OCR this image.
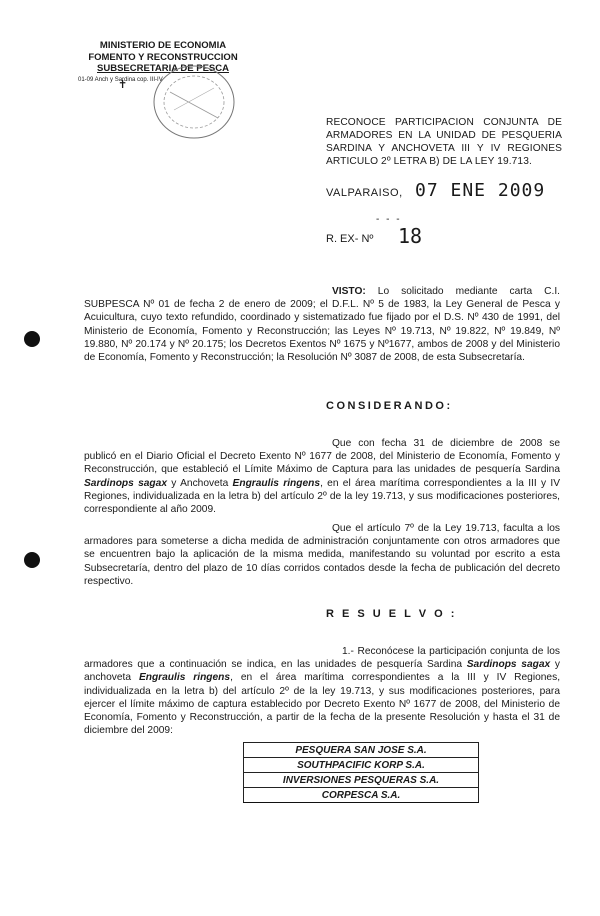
MINISTERIO DE ECONOMIA
FOMENTO Y RECONSTRUCCION
SUBSECRETARIA DE PESCA
01-09 Anch y Sardina cop. III-IV
✝
RECONOCE PARTICIPACION CONJUNTA DE ARMADORES EN LA UNIDAD DE PESQUERIA SARDINA Y ANCHOVETA III Y IV REGIONES ARTICULO 2º LETRA B) DE LA LEY 19.713.
VALPARAISO, 07 ENE 2009
- - -
R. EX- Nº 18
VISTO: Lo solicitado mediante carta C.I. SUBPESCA Nº 01 de fecha 2 de enero de 2009; el D.F.L. Nº 5 de 1983, la Ley General de Pesca y Acuicultura, cuyo texto refundido, coordinado y sistematizado fue fijado por el D.S. Nº 430 de 1991, del Ministerio de Economía, Fomento y Reconstrucción; las Leyes Nº 19.713, Nº 19.822, Nº 19.849, Nº 19.880, Nº 20.174 y Nº 20.175; los Decretos Exentos Nº 1675 y Nº1677, ambos de 2008 y del Ministerio de Economía, Fomento y Reconstrucción; la Resolución Nº 3087 de 2008, de esta Subsecretaría.
CONSIDERANDO:
Que con fecha 31 de diciembre de 2008 se publicó en el Diario Oficial el Decreto Exento Nº 1677 de 2008, del Ministerio de Economía, Fomento y Reconstrucción, que estableció el Límite Máximo de Captura para las unidades de pesquería Sardina Sardinops sagax y Anchoveta Engraulis ringens, en el área marítima correspondientes a la III y IV Regiones, individualizada en la letra b) del artículo 2º de la ley 19.713, y sus modificaciones posteriores, correspondiente al año 2009.
Que el artículo 7º de la Ley 19.713, faculta a los armadores para someterse a dicha medida de administración conjuntamente con otros armadores que se encuentren bajo la aplicación de la misma medida, manifestando su voluntad por escrito a esta Subsecretaría, dentro del plazo de 10 días corridos contados desde la fecha de publicación del decreto respectivo.
R E S U E L V O :
1.- Reconócese la participación conjunta de los armadores que a continuación se indica, en las unidades de pesquería Sardina Sardinops sagax y anchoveta Engraulis ringens, en el área marítima correspondientes a la III y IV Regiones, individualizada en la letra b) del artículo 2º de la ley 19.713, y sus modificaciones posteriores, para ejercer el límite máximo de captura establecido por Decreto Exento Nº 1677 de 2008, del Ministerio de Economía, Fomento y Reconstrucción, a partir de la fecha de la presente Resolución y hasta el 31 de diciembre del 2009:
PESQUERA SAN JOSE S.A.
SOUTHPACIFIC KORP S.A.
INVERSIONES PESQUERAS S.A.
CORPESCA S.A.
